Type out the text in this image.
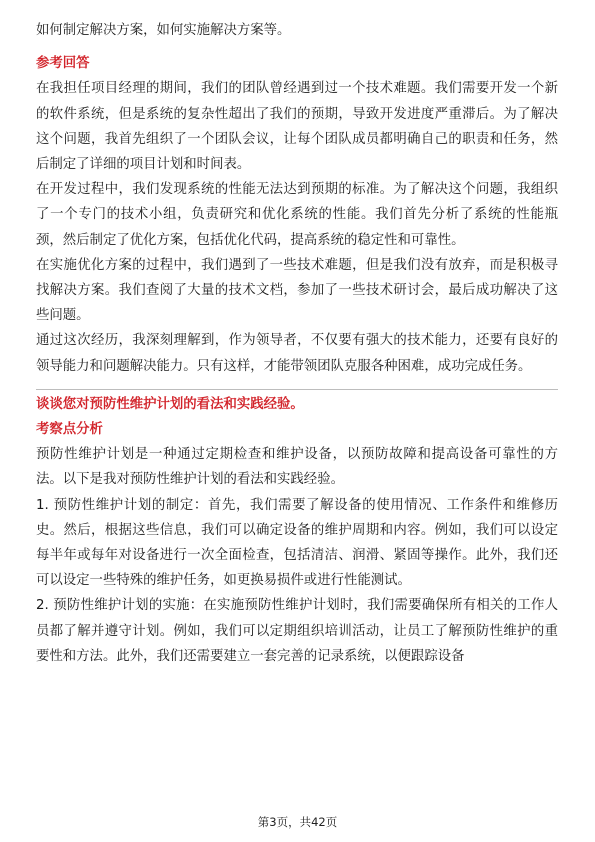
如何制定解决方案，如何实施解决方案等。

参考回答

在我担任项目经理的期间，我们的团队曾经遇到过一个技术难题。我们需要开发一个新的软件系统，但是系统的复杂性超出了我们的预期，导致开发进度严重滞后。为了解决这个问题，我首先组织了一个团队会议，让每个团队成员都明确自己的职责和任务，然后制定了详细的项目计划和时间表。

在开发过程中，我们发现系统的性能无法达到预期的标准。为了解决这个问题，我组织了一个专门的技术小组，负责研究和优化系统的性能。我们首先分析了系统的性能瓶颈，然后制定了优化方案，包括优化代码，提高系统的稳定性和可靠性。

在实施优化方案的过程中，我们遇到了一些技术难题，但是我们没有放弃，而是积极寻找解决方案。我们查阅了大量的技术文档，参加了一些技术研讨会，最后成功解决了这些问题。

通过这次经历，我深刻理解到，作为领导者，不仅要有强大的技术能力，还要有良好的领导能力和问题解决能力。只有这样，才能带领团队克服各种困难，成功完成任务。

谈谈您对预防性维护计划的看法和实践经验。

考察点分析

预防性维护计划是一种通过定期检查和维护设备，以预防故障和提高设备可靠性的方法。以下是我对预防性维护计划的看法和实践经验。

1. 预防性维护计划的制定：首先，我们需要了解设备的使用情况、工作条件和维修历史。然后，根据这些信息，我们可以确定设备的维护周期和内容。例如，我们可以设定每半年或每年对设备进行一次全面检查，包括清洁、润滑、紧固等操作。此外，我们还可以设定一些特殊的维护任务，如更换易损件或进行性能测试。

2. 预防性维护计划的实施：在实施预防性维护计划时，我们需要确保所有相关的工作人员都了解并遵守计划。例如，我们可以定期组织培训活动，让员工了解预防性维护的重要性和方法。此外，我们还需要建立一套完善的记录系统，以便跟踪设备

第3页，共42页
